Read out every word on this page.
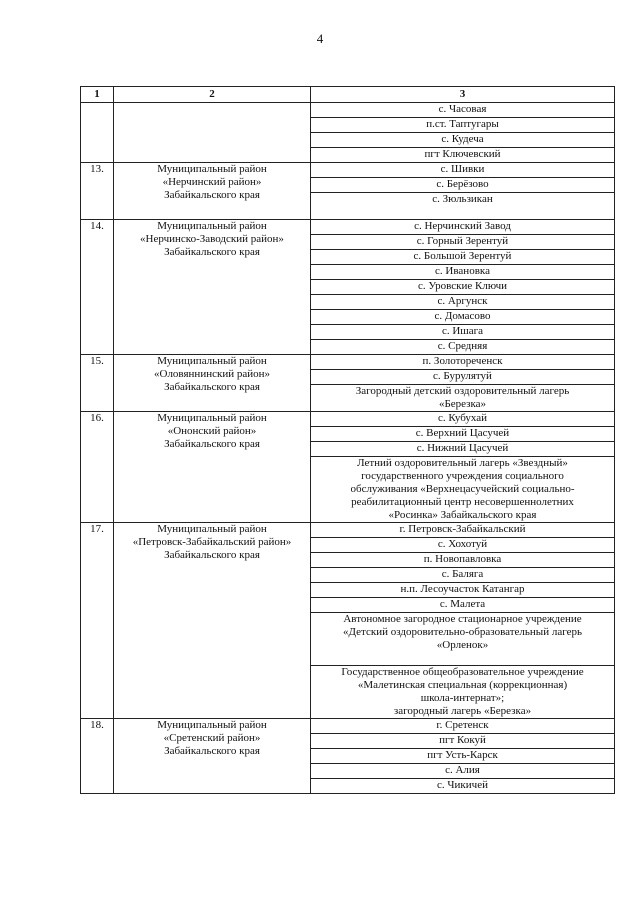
4
1	2	3

		с. Часовая

		п.ст. Таптугары

		с. Кудеча

		пгт Ключевский

13.	Муниципальный район
«Нерчинский район»
Забайкальского края	с. Шивки

		с. Берёзово

		с. Зюльзикан

14.	Муниципальный район
«Нерчинско-Заводский район»
Забайкальского края	с. Нерчинский Завод

		с. Горный Зерентуй

		с. Большой Зерентуй

		с. Ивановка

		с. Уровские Ключи

		с. Аргунск

		с. Домасово

		с. Ишага

		с. Средняя

15.	Муниципальный район
«Оловяннинский район»
Забайкальского края	п. Золотореченск

		с. Бурулятуй

		Загородный детский оздоровительный лагерь
«Березка»

16.	Муниципальный район
«Ононский район»
Забайкальского края	с. Кубухай

		с. Верхний Цасучей

		с. Нижний Цасучей

		Летний оздоровительный лагерь «Звездный»
государственного учреждения социального
обслуживания «Верхнецасучейский социально-
реабилитационный центр несовершеннолетних
«Росинка» Забайкальского края

17.	Муниципальный район
«Петровск-Забайкальский район»
Забайкальского края	г. Петровск-Забайкальский

		с. Хохотуй

		п. Новопавловка

		с. Баляга

		н.п. Лесоучасток Катангар

		с. Малета

		Автономное загородное стационарное учреждение
«Детский оздоровительно-образовательный лагерь
«Орленок»

		Государственное общеобразовательное учреждение
«Малетинская специальная (коррекционная)
школа-интернат»;
загородный лагерь «Березка»

18.	Муниципальный район
«Сретенский район»
Забайкальского края	г. Сретенск

		пгт Кокуй

		пгт Усть-Карск

		с. Алия

		с. Чикичей
